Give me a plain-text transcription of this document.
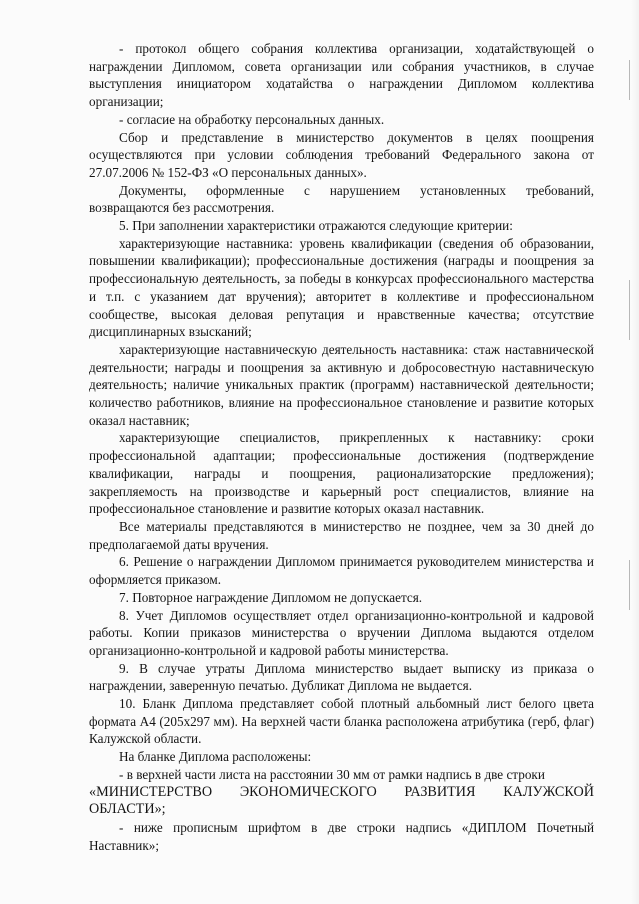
- протокол общего собрания коллектива организации, ходатайствующей о награждении Дипломом, совета организации или собрания участников, в случае выступления инициатором ходатайства о награждении Дипломом коллектива организации;

- согласие на обработку персональных данных.

Сбор и представление в министерство документов в целях поощрения осуществляются при условии соблюдения требований Федерального закона от 27.07.2006 № 152-ФЗ «О персональных данных».

Документы, оформленные с нарушением установленных требований, возвращаются без рассмотрения.

5. При заполнении характеристики отражаются следующие критерии:

характеризующие наставника: уровень квалификации (сведения об образовании, повышении квалификации); профессиональные достижения (награды и поощрения за профессиональную деятельность, за победы в конкурсах профессионального мастерства и т.п. с указанием дат вручения); авторитет в коллективе и профессиональном сообществе, высокая деловая репутация и нравственные качества; отсутствие дисциплинарных взысканий;

характеризующие наставническую деятельность наставника: стаж наставнической деятельности; награды и поощрения за активную и добросовестную наставническую деятельность; наличие уникальных практик (программ) наставнической деятельности; количество работников, влияние на профессиональное становление и развитие которых оказал наставник;

характеризующие специалистов, прикрепленных к наставнику: сроки профессиональной адаптации; профессиональные достижения (подтверждение квалификации, награды и поощрения, рационализаторские предложения); закрепляемость на производстве и карьерный рост специалистов, влияние на профессиональное становление и развитие которых оказал наставник.

Все материалы представляются в министерство не позднее, чем за 30 дней до предполагаемой даты вручения.

6. Решение о награждении Дипломом принимается руководителем министерства и оформляется приказом.

7. Повторное награждение Дипломом не допускается.

8. Учет Дипломов осуществляет отдел организационно-контрольной и кадровой работы. Копии приказов министерства о вручении Диплома выдаются отделом организационно-контрольной и кадровой работы министерства.

9. В случае утраты Диплома министерство выдает выписку из приказа о награждении, заверенную печатью. Дубликат Диплома не выдается.

10. Бланк Диплома представляет собой плотный альбомный лист белого цвета формата А4 (205х297 мм). На верхней части бланка расположена атрибутика (герб, флаг) Калужской области.

На бланке Диплома расположены:

- в верхней части листа на расстоянии 30 мм от рамки надпись в две строки

«МИНИСТЕРСТВО ЭКОНОМИЧЕСКОГО РАЗВИТИЯ КАЛУЖСКОЙ ОБЛАСТИ»;

- ниже прописным шрифтом в две строки надпись «ДИПЛОМ Почетный Наставник»;
